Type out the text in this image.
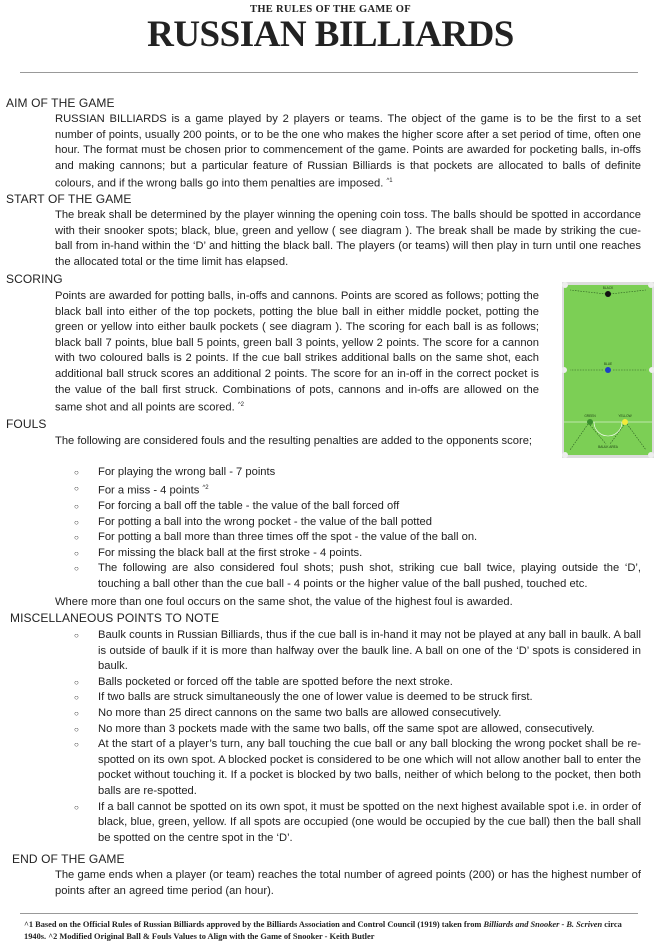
THE RULES OF THE GAME OF
RUSSIAN BILLIARDS
AIM OF THE GAME
RUSSIAN BILLIARDS is a game played by 2 players or teams. The object of the game is to be the first to a set number of points, usually 200 points, or to be the one who makes the higher score after a set period of time, often one hour. The format must be chosen prior to commencement of the game. Points are awarded for pocketing balls, in-offs and making cannons; but a particular feature of Russian Billiards is that pockets are allocated to balls of definite colours, and if the wrong balls go into them penalties are imposed. $^{\^{}1}$
START OF THE GAME
The break shall be determined by the player winning the opening coin toss. The balls should be spotted in accordance with their snooker spots; black, blue, green and yellow ( see diagram ). The break shall be made by striking the cue-ball from in-hand within the ‘D’ and hitting the black ball. The players (or teams) will then play in turn until one reaches the allocated total or the time limit has elapsed.
SCORING
Points are awarded for potting balls, in-offs and cannons. Points are scored as follows; potting the black ball into either of the top pockets, potting the blue ball in either middle pocket, potting the green or yellow into either baulk pockets ( see diagram ). The scoring for each ball is as follows; black ball 7 points, blue ball 5 points, green ball 3 points, yellow 2 points. The score for a cannon with two coloured balls is 2 points. If the cue ball strikes additional balls on the same shot, each additional ball struck scores an additional 2 points. The score for an in-off in the correct pocket is the value of the ball first struck. Combinations of pots, cannons and in-offs are allowed on the same shot and all points are scored. $^{\^{}2}$
BLACK
BLUE
GREEN	YELLOW
BAULK AREA
FOULS
The following are considered fouls and the resulting penalties are added to the opponents score;
○ For playing the wrong ball - 7 points
○ For a miss - 4 points $^{\^{}2}$
○ For forcing a ball off the table - the value of the ball forced off
○ For potting a ball into the wrong pocket - the value of the ball potted
○ For potting a ball more than three times off the spot - the value of the ball on.
○ For missing the black ball at the first stroke - 4 points.
○ The following are also considered foul shots; push shot, striking cue ball twice, playing outside the ‘D’, touching a ball other than the cue ball - 4 points or the higher value of the ball pushed, touched etc.
Where more than one foul occurs on the same shot, the value of the highest foul is awarded.
MISCELLANEOUS POINTS TO NOTE
○ Baulk counts in Russian Billiards, thus if the cue ball is in-hand it may not be played at any ball in baulk. A ball is outside of baulk if it is more than halfway over the baulk line. A ball on one of the ‘D’ spots is considered in baulk.
○ Balls pocketed or forced off the table are spotted before the next stroke.
○ If two balls are struck simultaneously the one of lower value is deemed to be struck first.
○ No more than 25 direct cannons on the same two balls are allowed consecutively.
○ No more than 3 pockets made with the same two balls, off the same spot are allowed, consecutively.
○ At the start of a player’s turn, any ball touching the cue ball or any ball blocking the wrong pocket shall be re-spotted on its own spot. A blocked pocket is considered to be one which will not allow another ball to enter the pocket without touching it. If a pocket is blocked by two balls, neither of which belong to the pocket, then both balls are re-spotted.
○ If a ball cannot be spotted on its own spot, it must be spotted on the next highest available spot i.e. in order of black, blue, green, yellow. If all spots are occupied (one would be occupied by the cue ball) then the ball shall be spotted on the centre spot in the ‘D’.
END OF THE GAME
The game ends when a player (or team) reaches the total number of agreed points (200) or has the highest number of points after an agreed time period (an hour).
^1 Based on the Official Rules of Russian Billiards approved by the Billiards Association and Control Council (1919) taken from Billiards and Snooker - B. Scriven circa 1940s. ^2 Modified Original Ball & Fouls Values to Align with the Game of Snooker - Keith Butler
